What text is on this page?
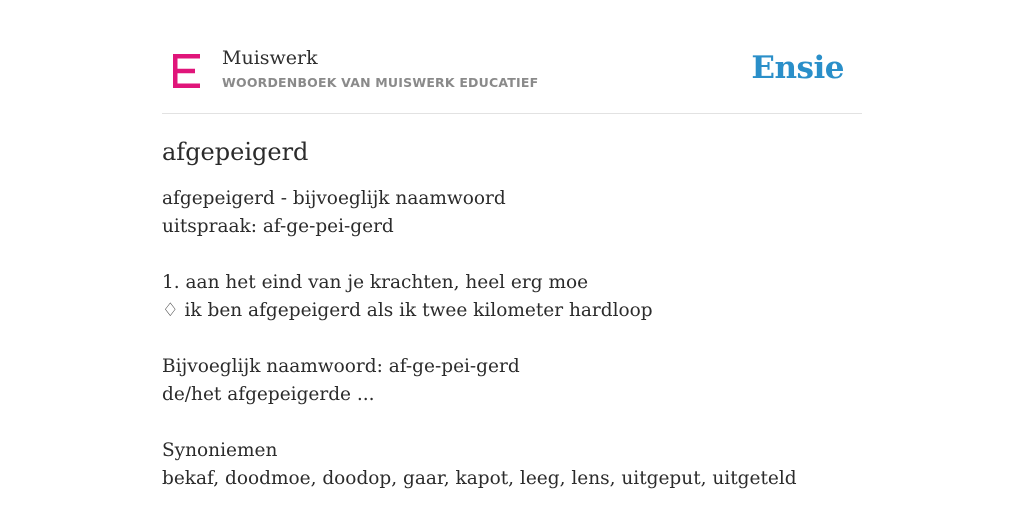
Muiswerk
WOORDENBOEK VAN MUISWERK EDUCATIEF	Ensie
afgepeigerd
afgepeigerd - bijvoeglijk naamwoord
uitspraak: af-ge-pei-gerd
1. aan het eind van je krachten, heel erg moe
♢ ik ben afgepeigerd als ik twee kilometer hardloop
Bijvoeglijk naamwoord: af-ge-pei-gerd
de/het afgepeigerde ...
Synoniemen
bekaf, doodmoe, doodop, gaar, kapot, leeg, lens, uitgeput, uitgeteld
